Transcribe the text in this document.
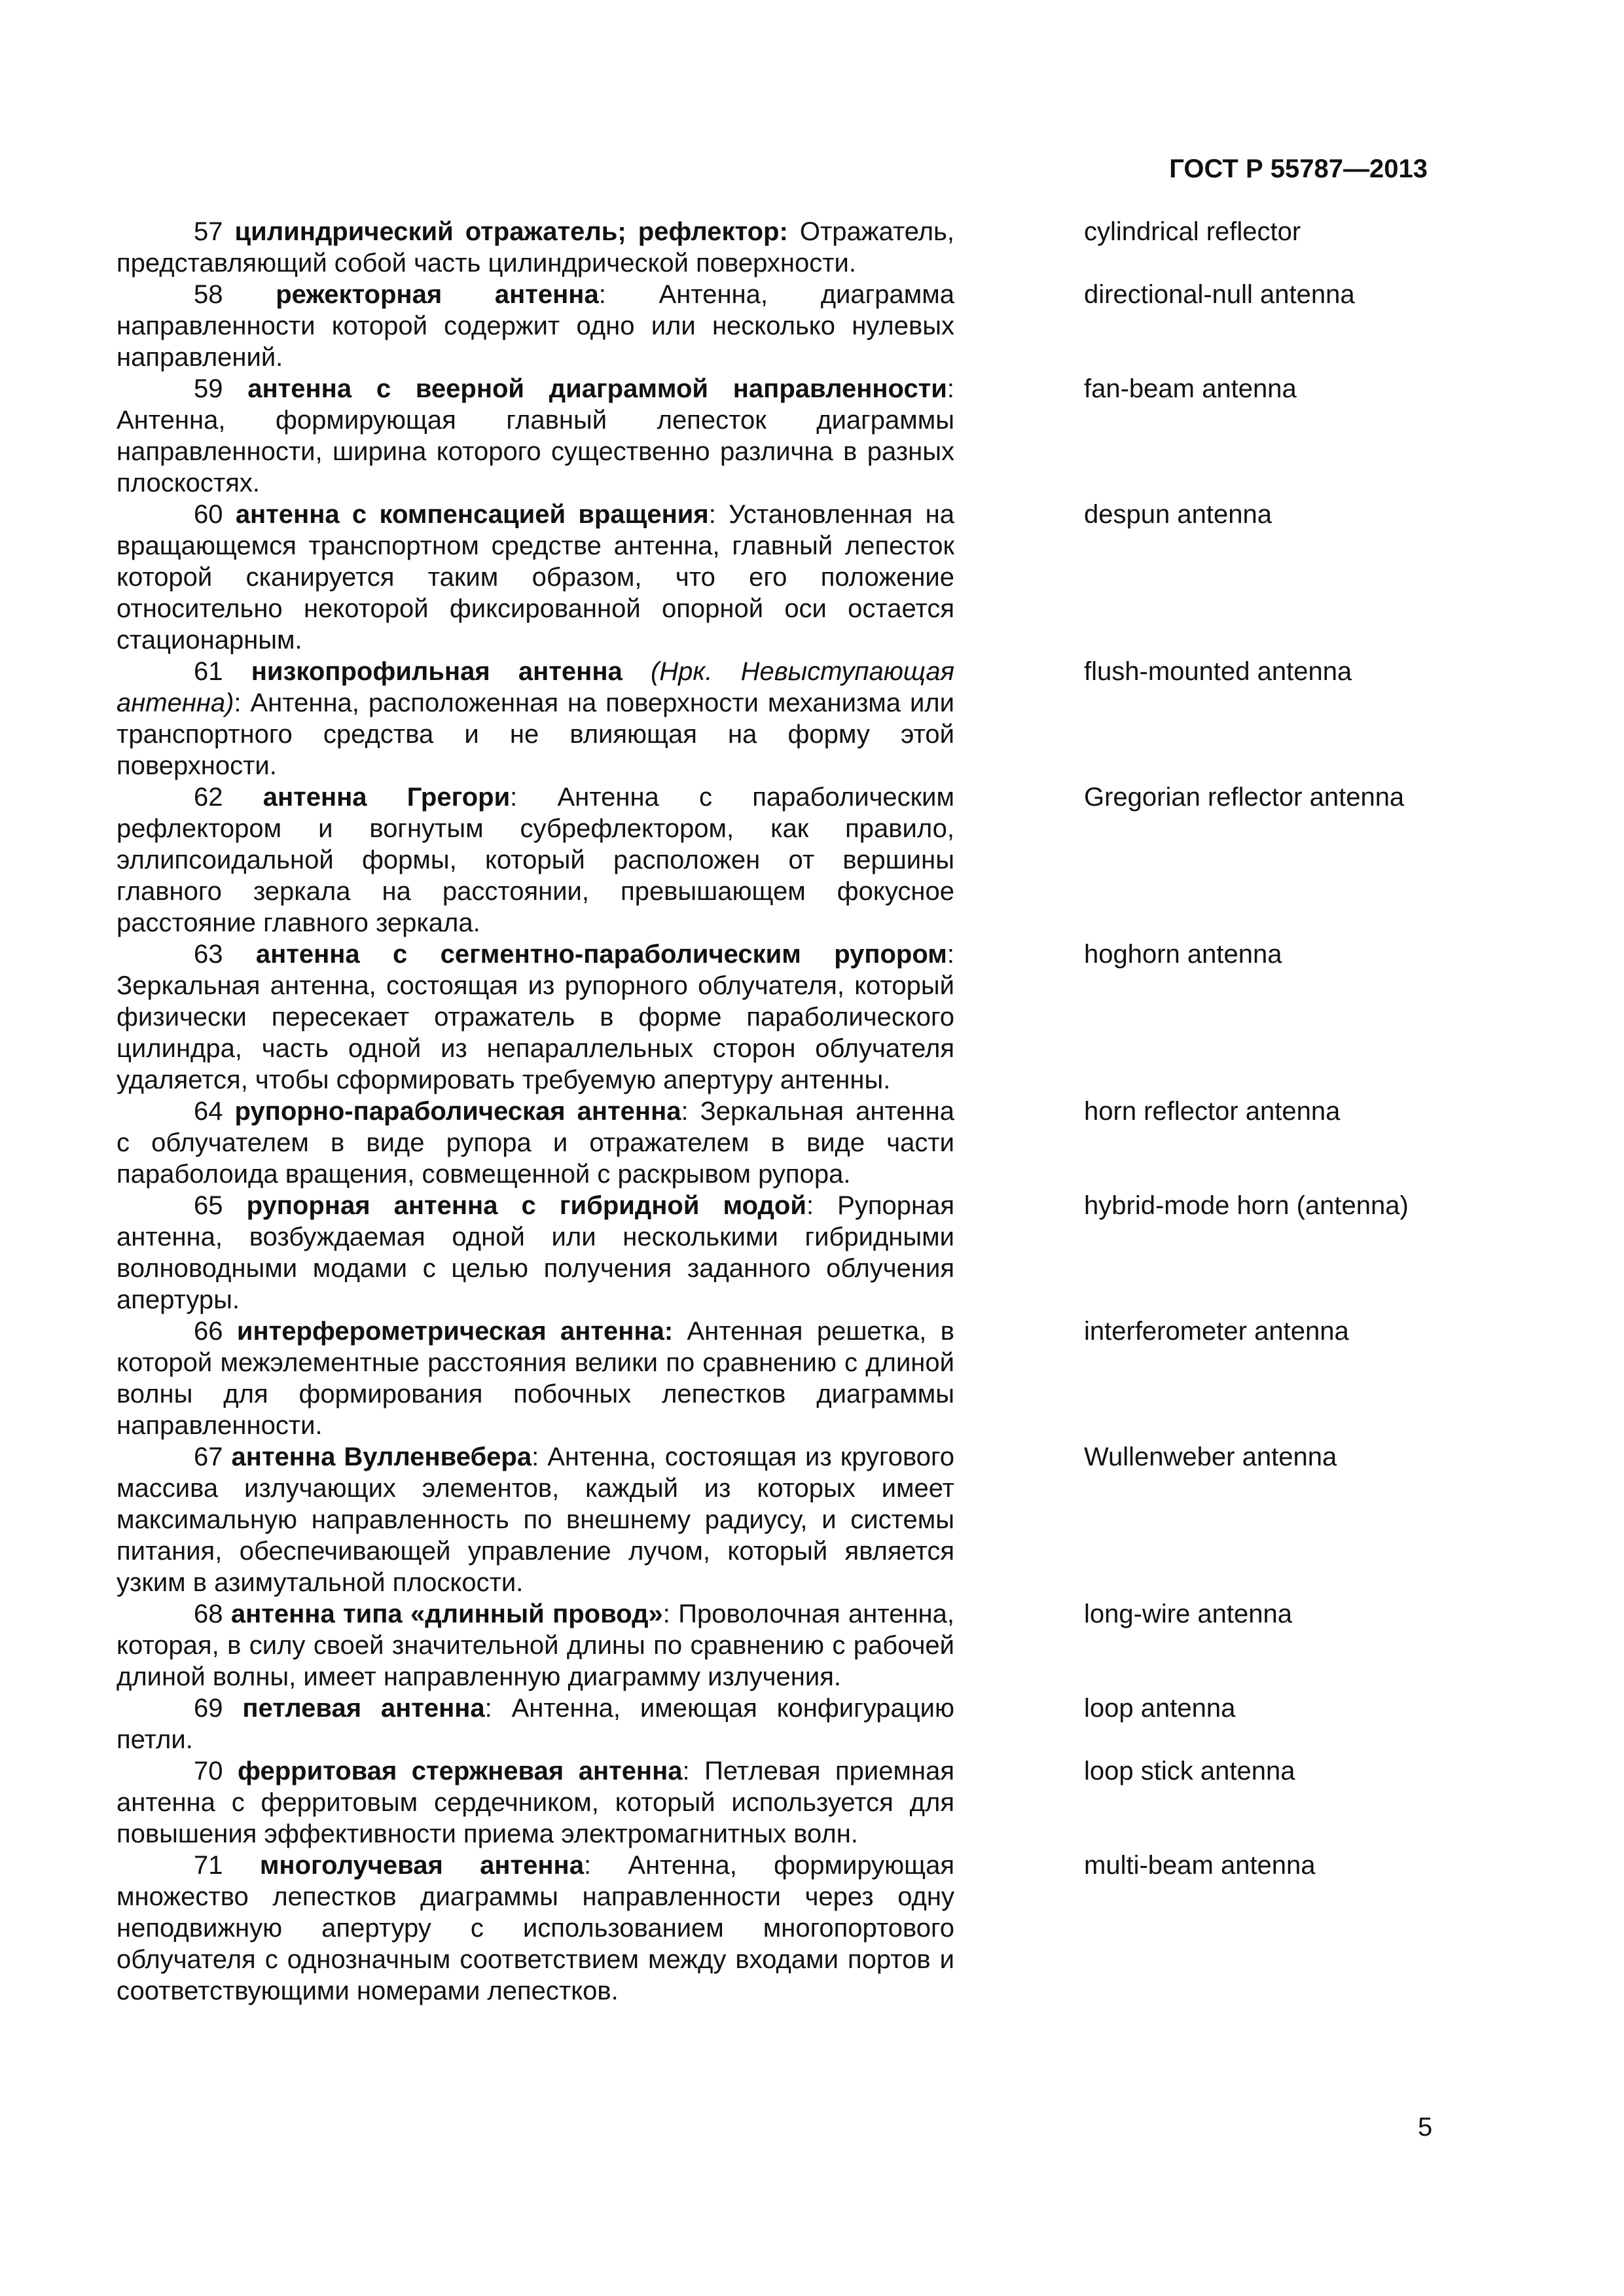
ГОСТ Р 55787—2013
57 цилиндрический отражатель; рефлектор: Отражатель, представляющий собой часть цилиндрической поверхности.
cylindrical reflector
58 режекторная антенна: Антенна, диаграмма направленности которой содержит одно или несколько нулевых направлений.
directional-null antenna
59 антенна с веерной диаграммой направленности: Антенна, формирующая главный лепесток диаграммы направленности, ширина которого существенно различна в разных плоскостях.
fan-beam antenna
60 антенна с компенсацией вращения: Установленная на вращающемся транспортном средстве антенна, главный лепесток которой сканируется таким образом, что его положение относительно некоторой фиксированной опорной оси остается стационарным.
despun antenna
61 низкопрофильная антенна (Нрк. Невыступающая антенна): Антенна, расположенная на поверхности механизма или транспортного средства и не влияющая на форму этой поверхности.
flush-mounted antenna
62 антенна Грегори: Антенна с параболическим рефлектором и вогнутым субрефлектором, как правило, эллипсоидальной формы, который расположен от вершины главного зеркала на расстоянии, превышающем фокусное расстояние главного зеркала.
Gregorian reflector antenna
63 антенна с сегментно-параболическим рупором: Зеркальная антенна, состоящая из рупорного облучателя, который физически пересекает отражатель в форме параболического цилиндра, часть одной из непараллельных сторон облучателя удаляется, чтобы сформировать требуемую апертуру антенны.
hoghorn antenna
64 рупорно-параболическая антенна: Зеркальная антенна с облучателем в виде рупора и отражателем в виде части параболоида вращения, совмещенной с раскрывом рупора.
horn reflector antenna
65 рупорная антенна с гибридной модой: Рупорная антенна, возбуждаемая одной или несколькими гибридными волноводными модами с целью получения заданного облучения апертуры.
hybrid-mode horn (antenna)
66 интерферометрическая антенна: Антенная решетка, в которой межэлементные расстояния велики по сравнению с длиной волны для формирования побочных лепестков диаграммы направленности.
interferometer antenna
67 антенна Вулленвебера: Антенна, состоящая из кругового массива излучающих элементов, каждый из которых имеет максимальную направленность по внешнему радиусу, и системы питания, обеспечивающей управление лучом, который является узким в азимутальной плоскости.
Wullenweber antenna
68 антенна типа «длинный провод»: Проволочная антенна, которая, в силу своей значительной длины по сравнению с рабочей длиной волны, имеет направленную диаграмму излучения.
long-wire antenna
69 петлевая антенна: Антенна, имеющая конфигурацию петли.
loop antenna
70 ферритовая стержневая антенна: Петлевая приемная антенна с ферритовым сердечником, который используется для повышения эффективности приема электромагнитных волн.
loop stick antenna
71 многолучевая антенна: Антенна, формирующая множество лепестков диаграммы направленности через одну неподвижную апертуру с использованием многопортового облучателя с однозначным соответствием между входами портов и соответствующими номерами лепестков.
multi-beam antenna
5
